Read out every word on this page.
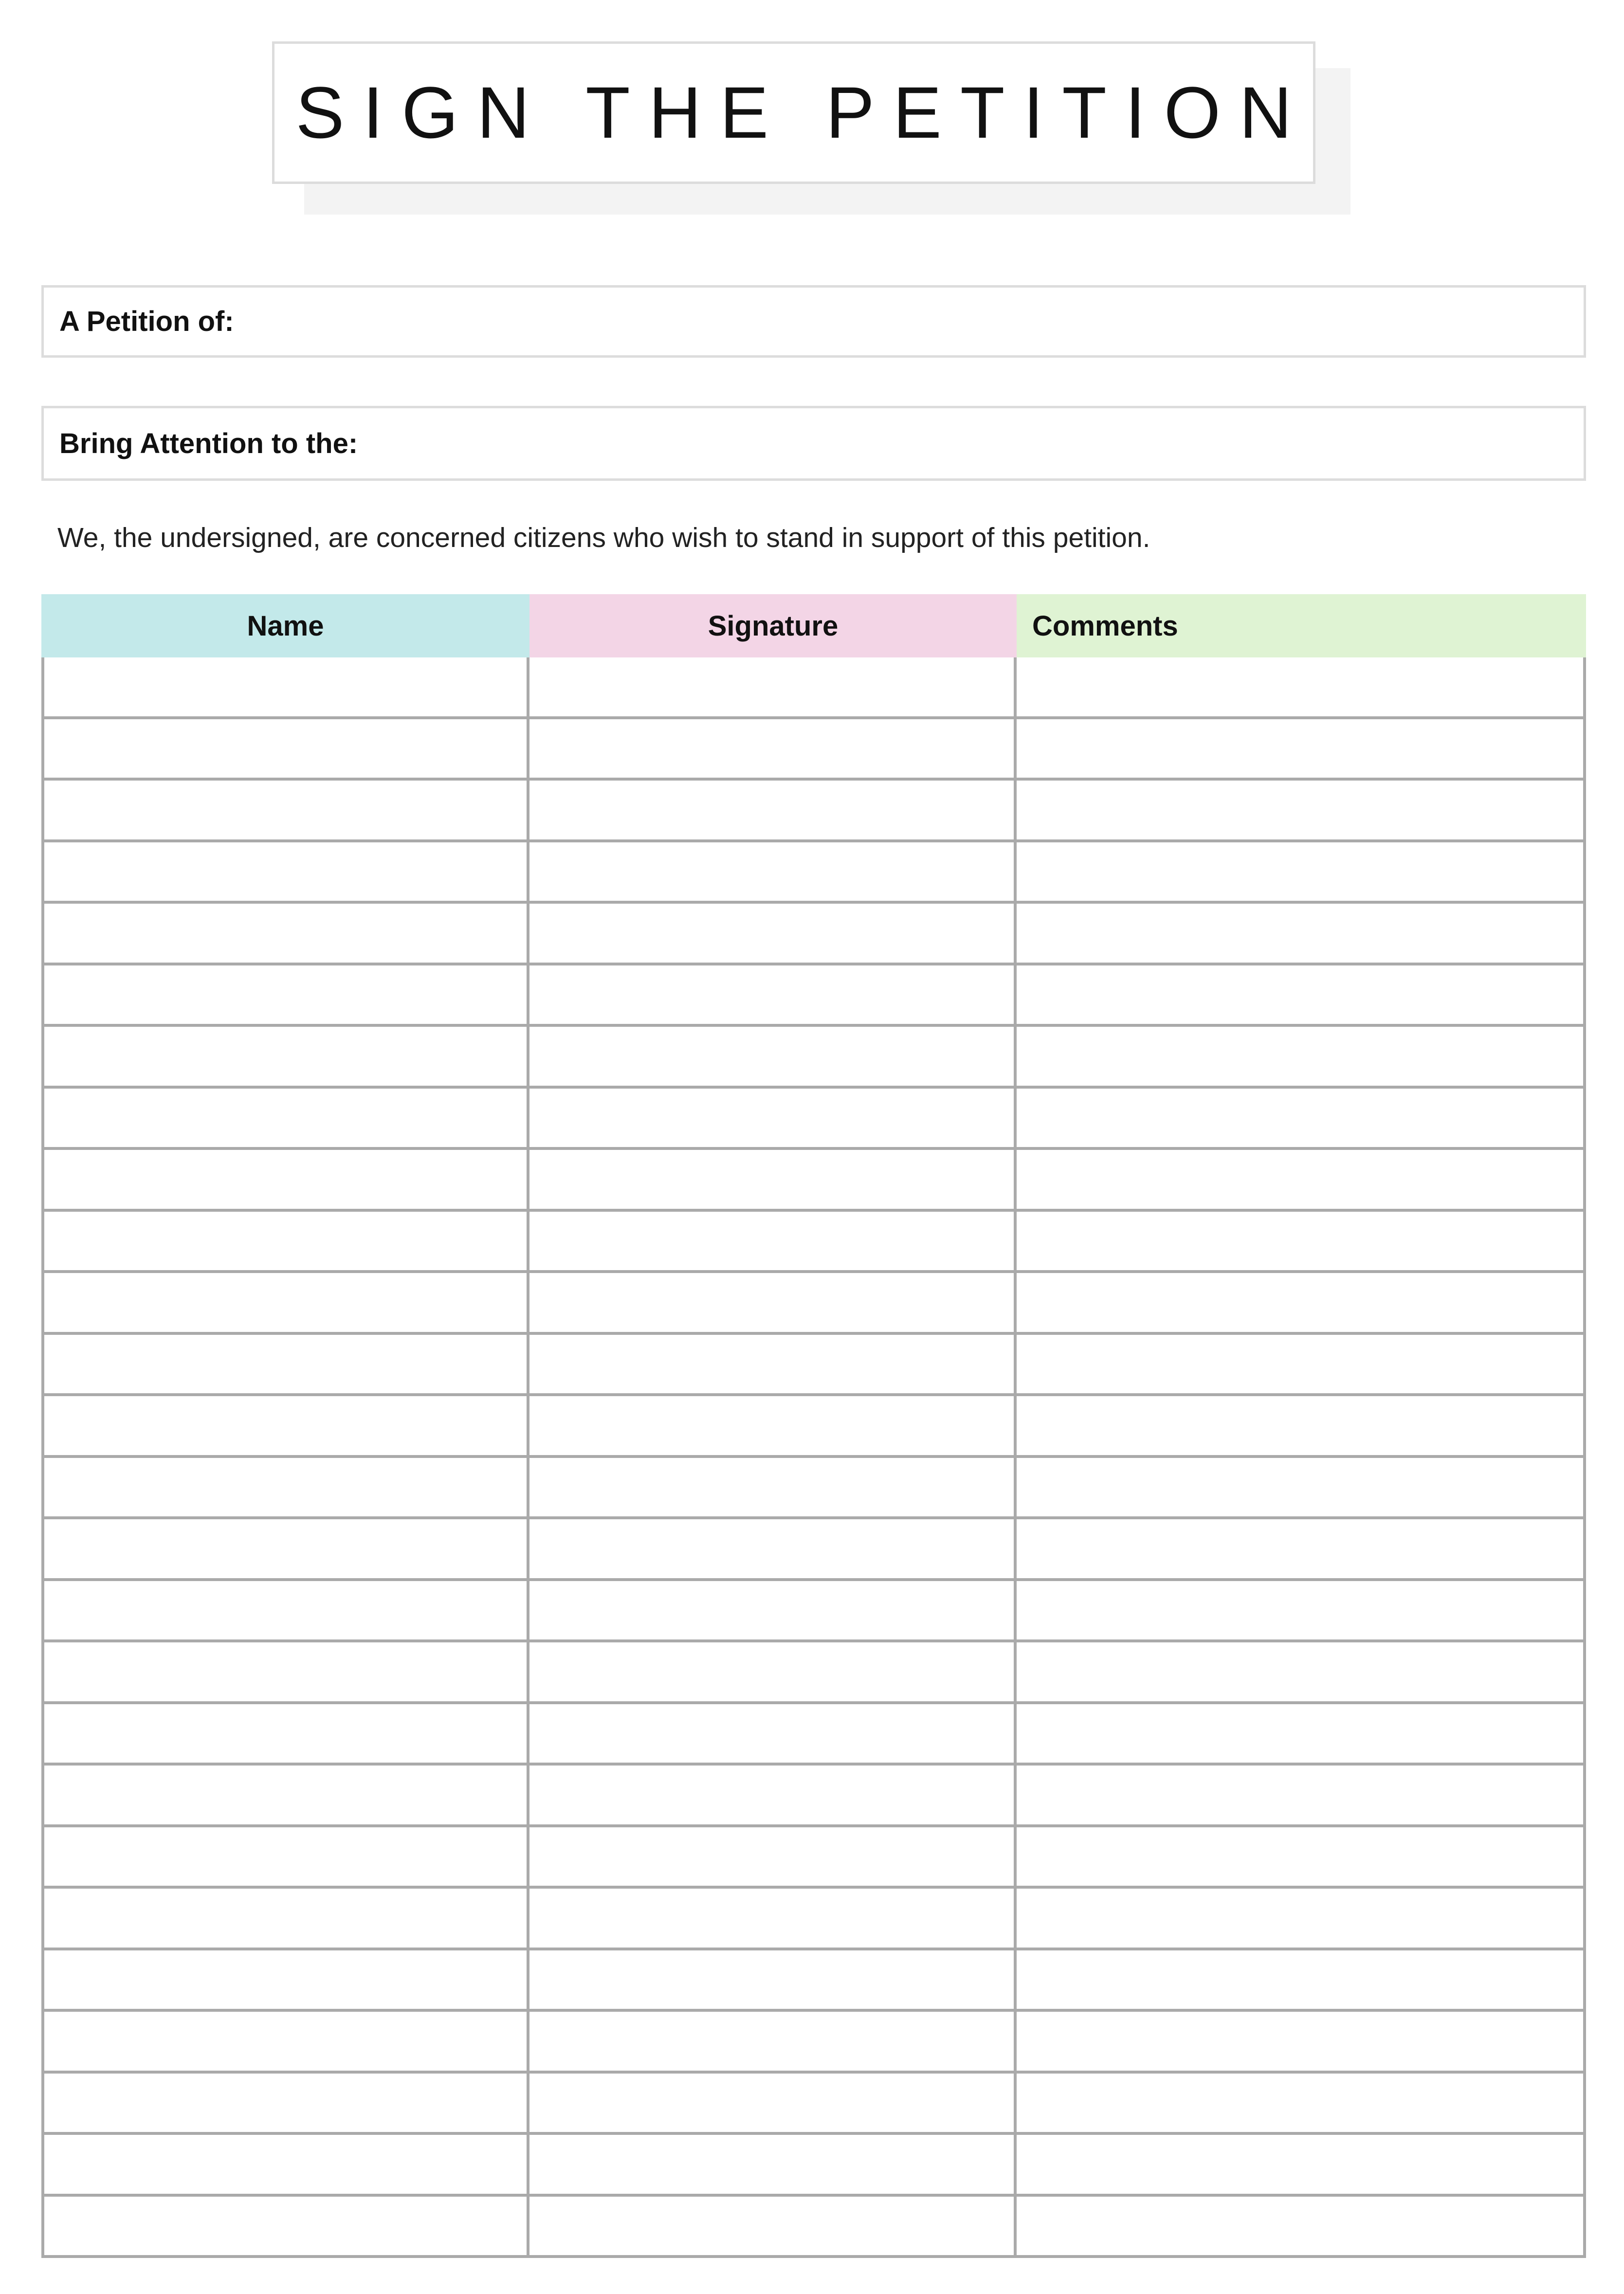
SIGN THE PETITION
A Petition of:
Bring Attention to the:
We, the undersigned, are concerned citizens who wish to stand in support of this petition.
Name	Signature	Comments
